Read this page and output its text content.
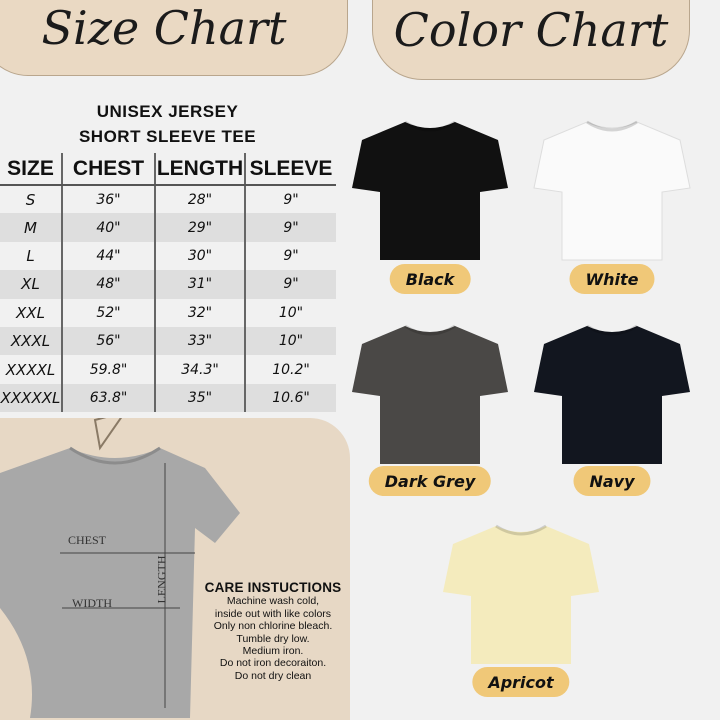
Size Chart Color Chart
UNISEX JERSEY
SHORT SLEEVE TEE
SIZE	CHEST	LENGTH	SLEEVE
S	36"	28"	9"
M	40"	29"	9"
L	44"	30"	9"
XL	48"	31"	9"
XXL	52"	32"	10"
XXXL	56"	33"	10"
XXXXL	59.8"	34.3"	10.2"
XXXXXL	63.8"	35"	10.6"
CHEST
WIDTH	LENGTH	CARE INSTUCTIONS
Machine wash cold,
inside out with like colors
Only non chlorine bleach.
Tumble dry low.
Medium iron.
Do not iron decoraiton.
Do not dry clean
Black	White
Dark Grey	Navy
Apricot
